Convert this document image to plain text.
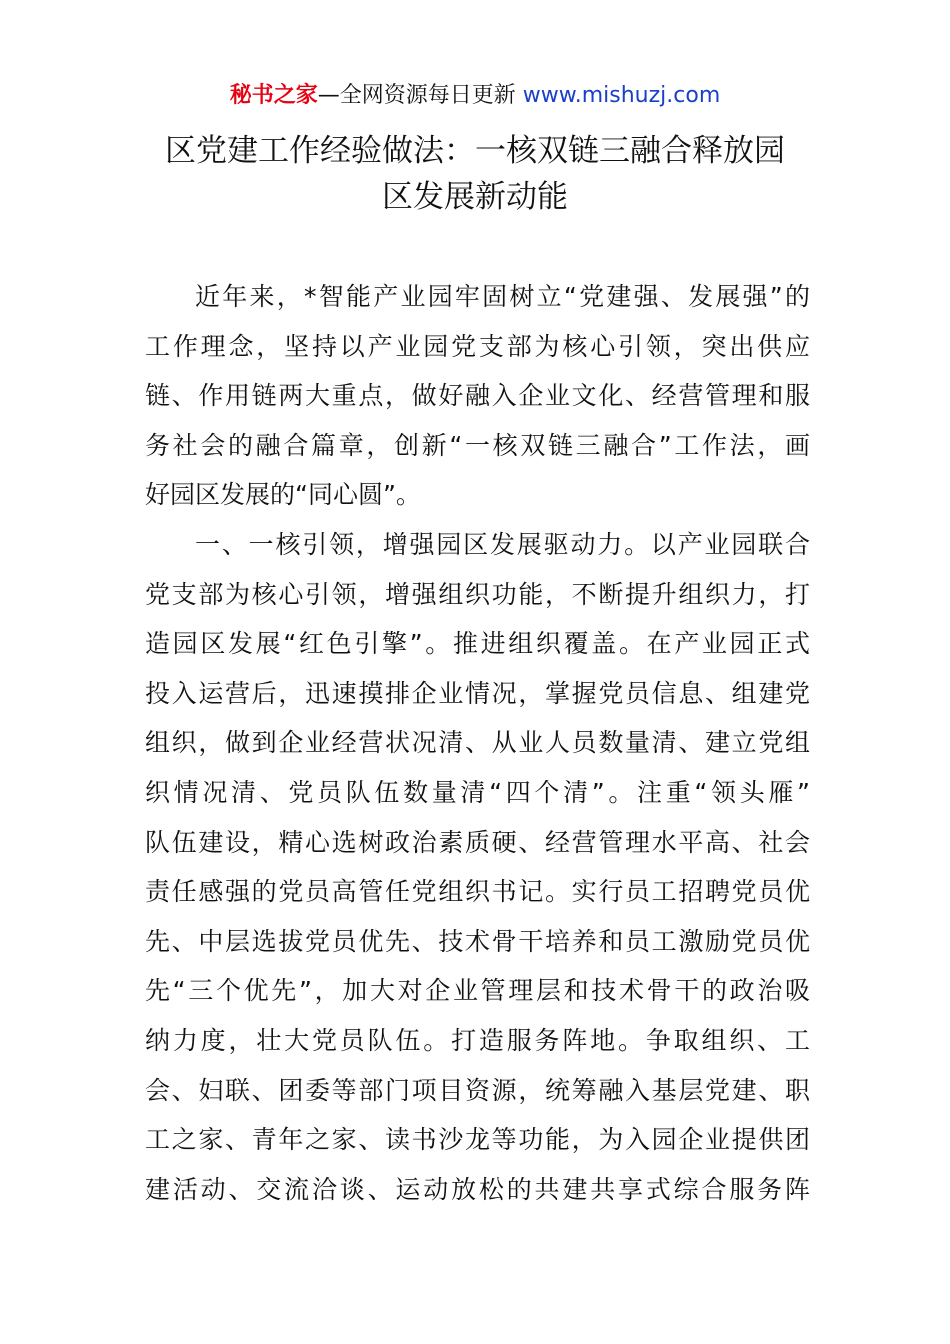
秘书之家—全网资源每日更新 www.mishuzj.com
区党建工作经验做法：一核双链三融合释放园
区发展新动能
近年来，*智能产业园牢固树立“党建强、发展强”的
工作理念，坚持以产业园党支部为核心引领，突出供应
链、作用链两大重点，做好融入企业文化、经营管理和服
务社会的融合篇章，创新“一核双链三融合”工作法，画
好园区发展的“同心圆”。
一、一核引领，增强园区发展驱动力。以产业园联合
党支部为核心引领，增强组织功能，不断提升组织力，打
造园区发展“红色引擎”。推进组织覆盖。在产业园正式
投入运营后，迅速摸排企业情况，掌握党员信息、组建党
组织，做到企业经营状况清、从业人员数量清、建立党组
织情况清、党员队伍数量清“四个清”。注重“领头雁”
队伍建设，精心选树政治素质硬、经营管理水平高、社会
责任感强的党员高管任党组织书记。实行员工招聘党员优
先、中层选拔党员优先、技术骨干培养和员工激励党员优
先“三个优先”，加大对企业管理层和技术骨干的政治吸
纳力度，壮大党员队伍。打造服务阵地。争取组织、工
会、妇联、团委等部门项目资源，统筹融入基层党建、职
工之家、青年之家、读书沙龙等功能，为入园企业提供团
建活动、交流洽谈、运动放松的共建共享式综合服务阵
